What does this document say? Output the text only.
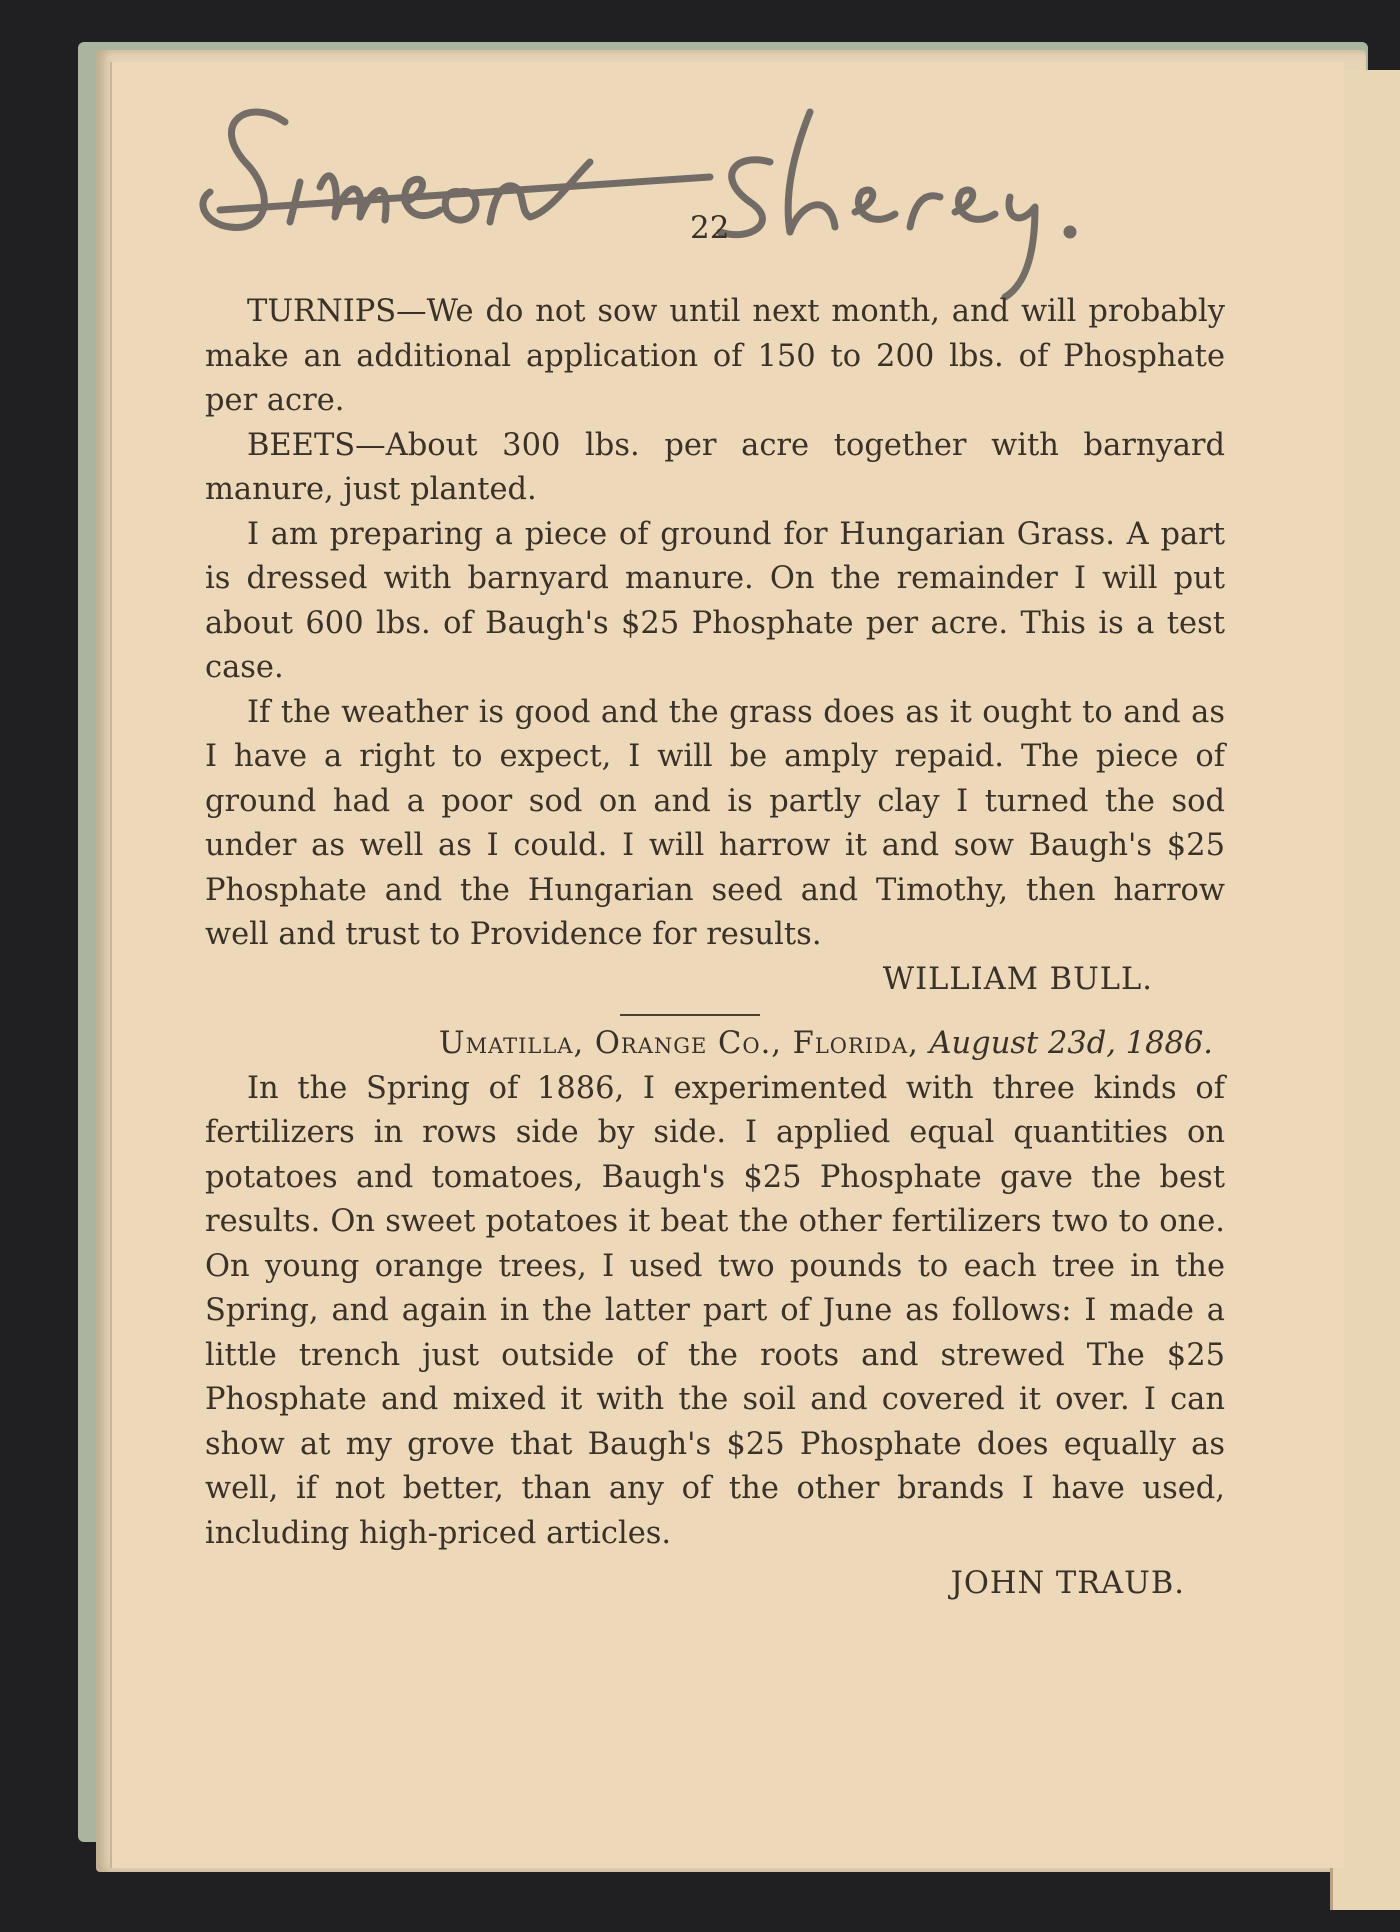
22

TURNIPS—We do not sow until next month, and will probably make an additional application of 150 to 200 lbs. of Phosphate per acre.

BEETS—About 300 lbs. per acre together with barnyard manure, just planted.

I am preparing a piece of ground for Hungarian Grass. A part is dressed with barnyard manure. On the remainder I will put about 600 lbs. of Baugh's $25 Phosphate per acre. This is a test case.

If the weather is good and the grass does as it ought to and as I have a right to expect, I will be amply repaid. The piece of ground had a poor sod on and is partly clay I turned the sod under as well as I could. I will harrow it and sow Baugh's $25 Phosphate and the Hungarian seed and Timothy, then harrow well and trust to Providence for results.

WILLIAM BULL.
Umatilla, Orange Co., Florida, August 23d, 1886.

In the Spring of 1886, I experimented with three kinds of fertilizers in rows side by side. I applied equal quantities on potatoes and tomatoes, Baugh's $25 Phosphate gave the best results. On sweet potatoes it beat the other fertilizers two to one. On young orange trees, I used two pounds to each tree in the Spring, and again in the latter part of June as follows: I made a little trench just outside of the roots and strewed The $25 Phosphate and mixed it with the soil and covered it over. I can show at my grove that Baugh's $25 Phosphate does equally as well, if not better, than any of the other brands I have used, including high-priced articles.

JOHN TRAUB.
